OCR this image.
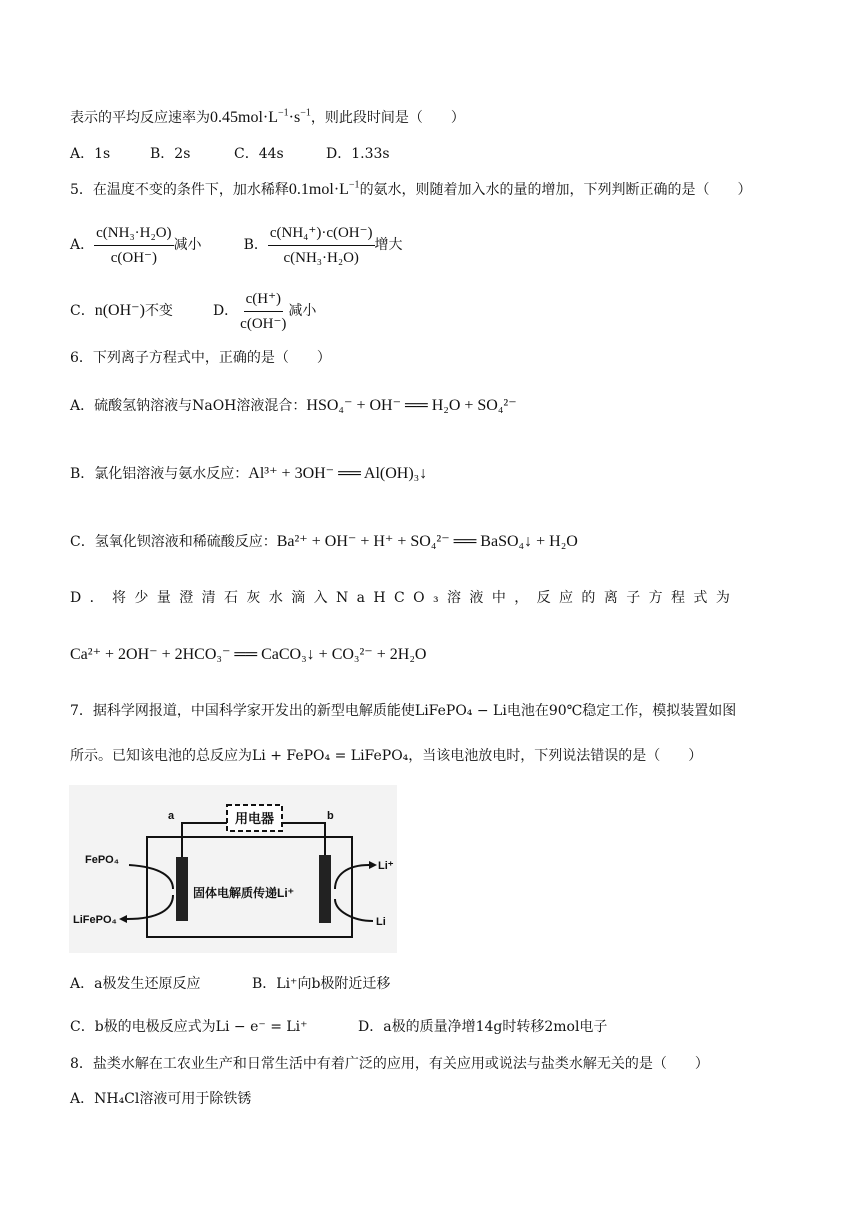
表示的平均反应速率为$0.45mol\cdot L^{-1}\cdot s^{-1}$，则此段时间是（　　）
A．1s	B．2s	C．44s	D．1.33s
5．在温度不变的条件下，加水稀释$0.1mol\cdot L^{-1}$的氨水，则随着加入水的量的增加，下列判断正确的是（　　）
A． $\frac{\text{c(NH₃·H₂O)}}{c(OH^-)}$ 减小	B． $\frac{\text{c(NH₄⁺)·c(OH⁻)}}{\text{c(NH₃·H₂O)}}$ 增大
C． n(OH⁻) 不变	D． $\frac{c(H^+)}{c(OH^-)}$ 减小
6．下列离子方程式中，正确的是（　　）
A．硫酸氢钠溶液与NaOH溶液混合：HSO₄⁻ + OH⁻ ══ H₂O + SO₄²⁻
B．氯化铝溶液与氨水反应：Al³⁺ + 3OH⁻ ══ Al(OH)₃↓
C．氢氧化钡溶液和稀硫酸反应：Ba²⁺ + OH⁻ + H⁺ + SO₄²⁻ ══ BaSO₄↓ + H₂O
D．将少量澄清石灰水滴入NaHCO₃溶液中，反应的离子方程式为
Ca²⁺ + 2OH⁻ + 2HCO₃⁻ ══ CaCO₃↓ + CO₃²⁻ + 2H₂O
7．据科学网报道，中国科学家开发出的新型电解质能使LiFePO₄ − Li电池在90℃稳定工作，模拟装置如图
所示。已知该电池的总反应为Li + FePO₄ = LiFePO₄，当该电池放电时，下列说法错误的是（　　）
用电器
a	b
FePO₄
LiFePO₄
Li⁺
Li
固体电解质传递Li⁺
A．a极发生还原反应	B．Li⁺向b极附近迁移
C．b极的电极反应式为Li − e⁻ = Li⁺	D．a极的质量净增14g时转移2mol电子
8．盐类水解在工农业生产和日常生活中有着广泛的应用，有关应用或说法与盐类水解无关的是（　　）
A．NH₄Cl溶液可用于除铁锈
